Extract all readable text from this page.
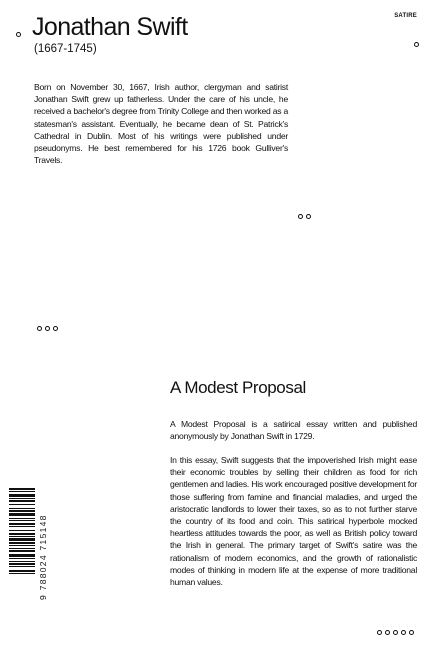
Jonathan Swift
(1667-1745)
SATIRE

Born on November 30, 1667, Irish author, clergyman and satirist Jonathan Swift grew up fatherless. Under the care of his uncle, he received a bachelor's degree from Trinity College and then worked as a statesman's assistant. Eventually, he became dean of St. Patrick's Cathedral in Dublin. Most of his writings were published under pseudonyms. He best remembered for his 1726 book Gulliver's Travels.

A Modest Proposal

A Modest Proposal is a satirical essay written and published anonymously by Jonathan Swift in 1729.

In this essay, Swift suggests that the impoverished Irish might ease their economic troubles by selling their children as food for rich gentlemen and ladies. His work encouraged positive development for those suffering from famine and financial maladies, and urged the aristocratic landlords to lower their taxes, so as to not further starve the country of its food and coin. This satirical hyperbole mocked heartless attitudes towards the poor, as well as British policy toward the Irish in general. The primary target of Swift's satire was the rationalism of modern economics, and the growth of rationalistic modes of thinking in modern life at the expense of more traditional human values.

9 788024 715148
